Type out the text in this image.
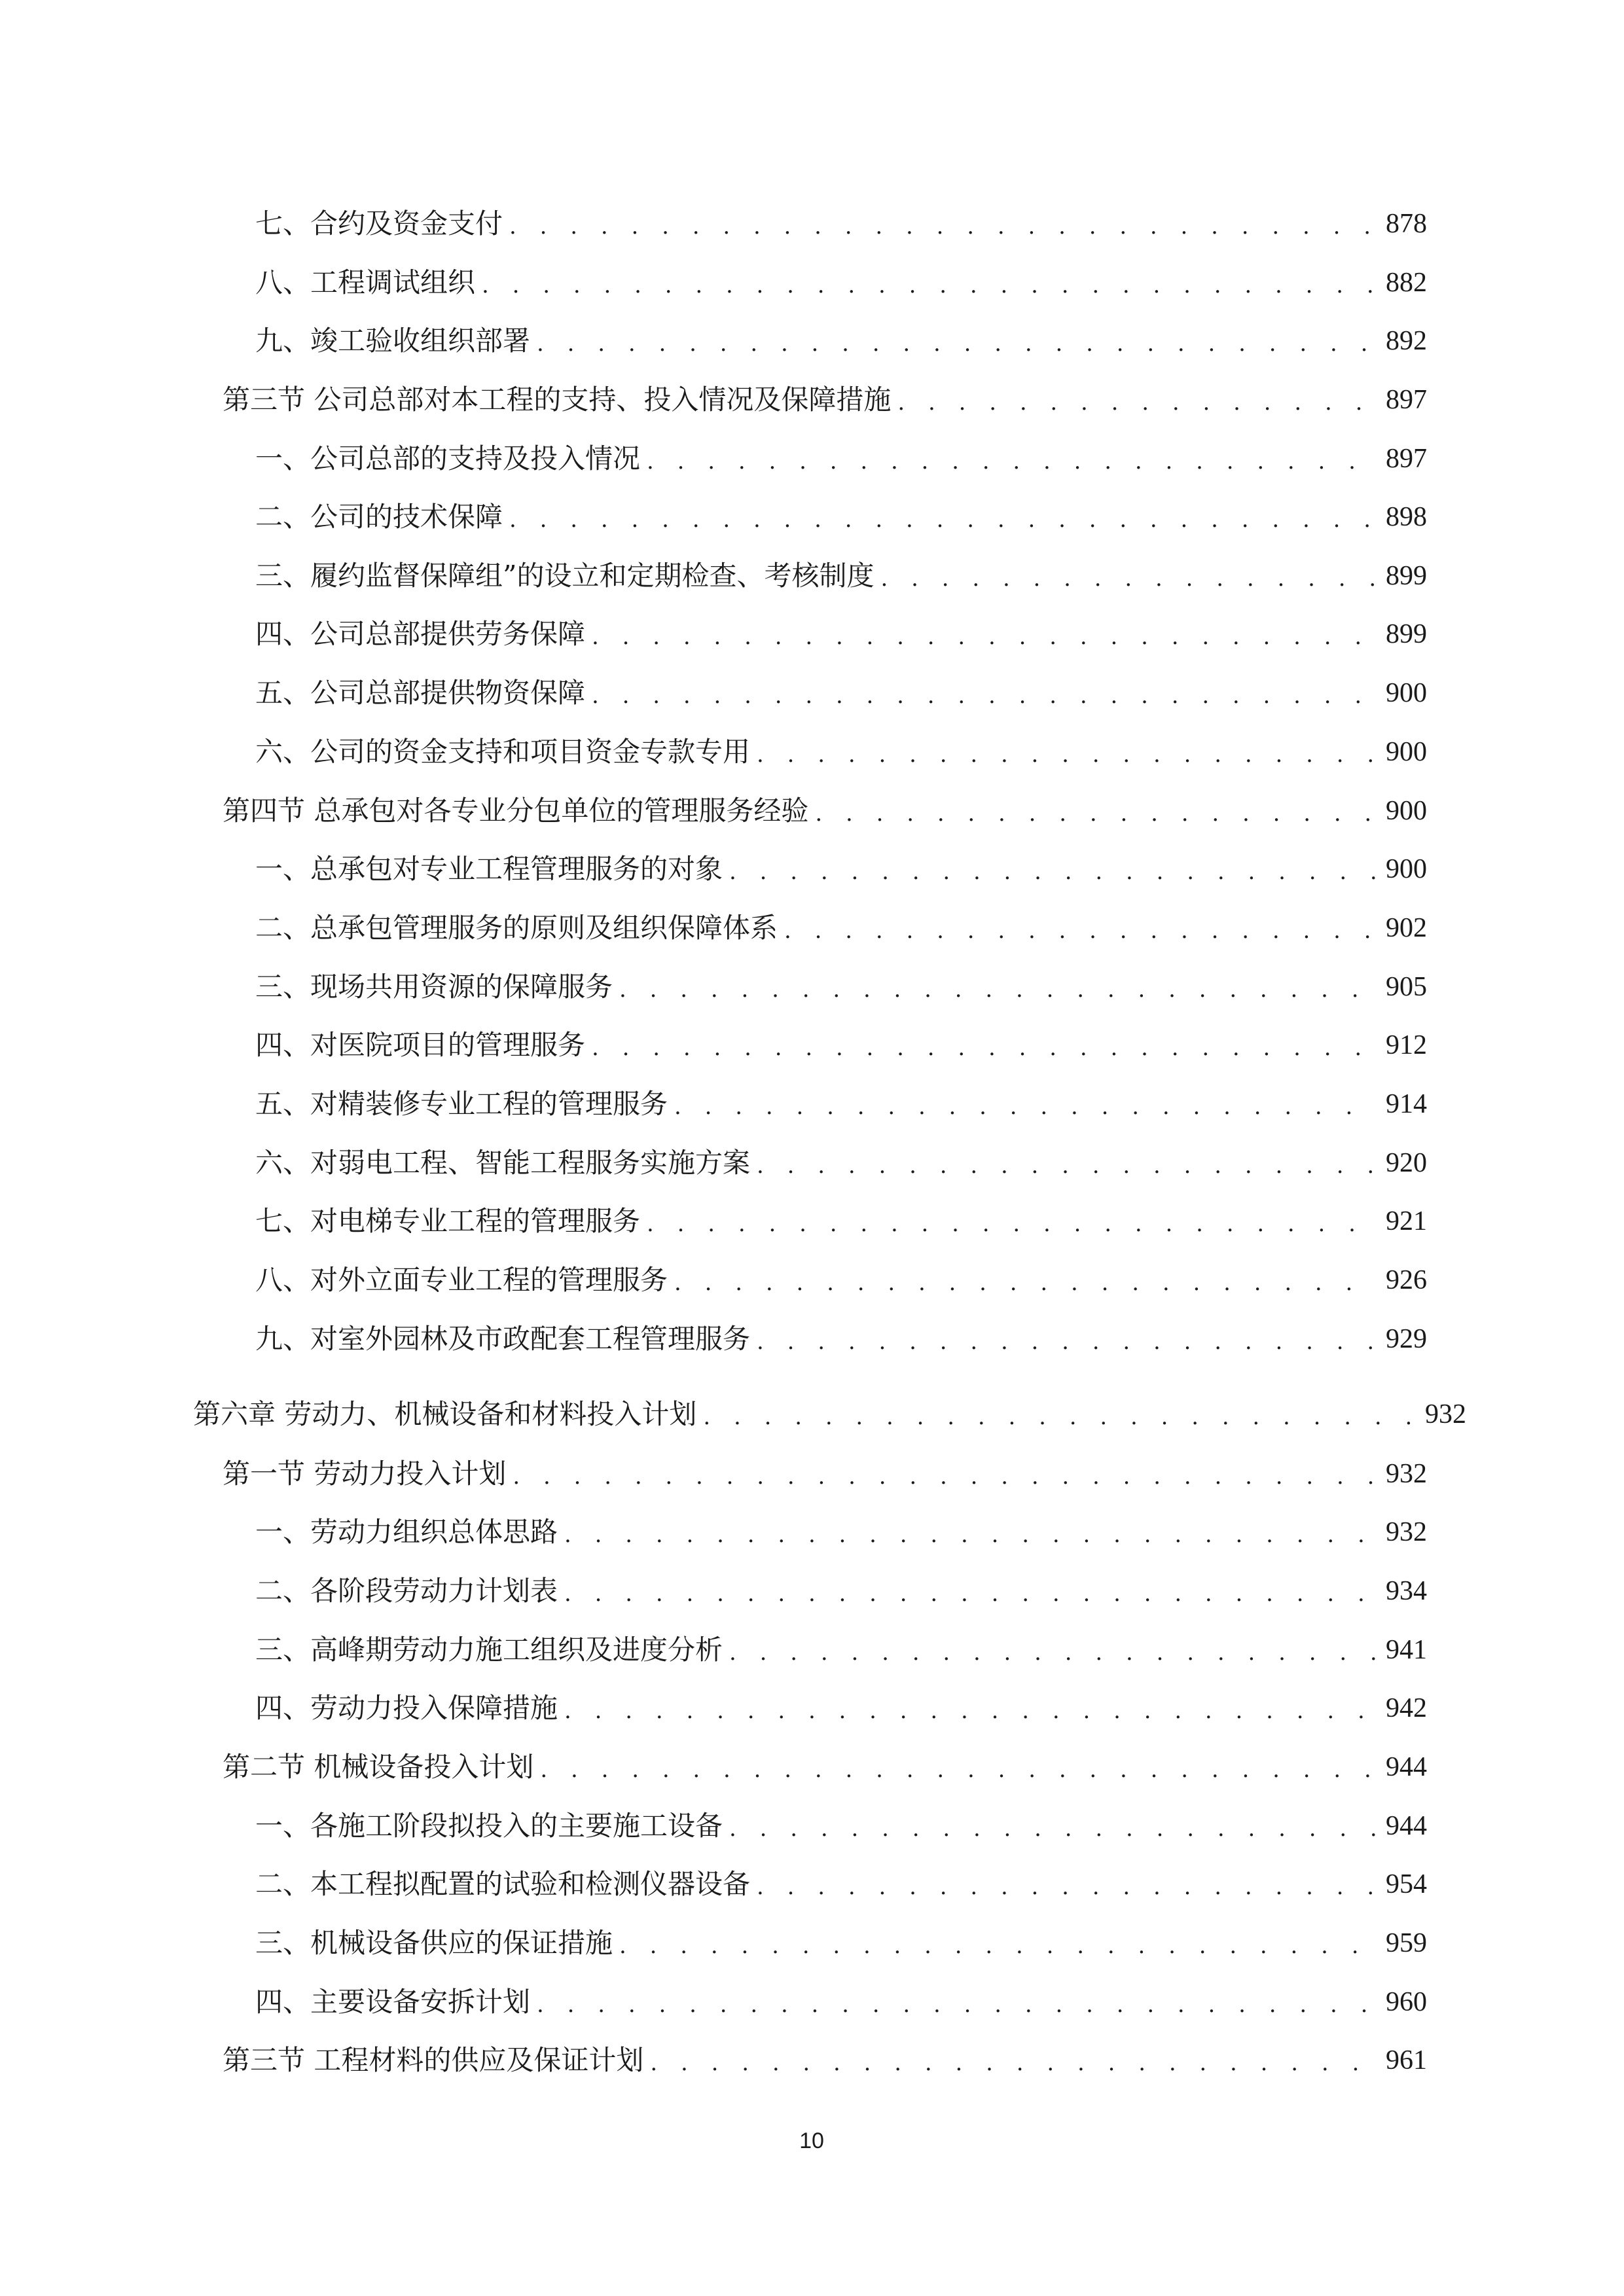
七、合约及资金支付 . . .	878
八、工程调试组织 . . .	882
九、竣工验收组织部署 . . .	892
第三节 公司总部对本工程的支持、投入情况及保障措施 . . .	897
一、公司总部的支持及投入情况 . . .	897
二、公司的技术保障 . . .	898
三、履约监督保障组”的设立和定期检查、考核制度 . . .	899
四、公司总部提供劳务保障 . . .	899
五、公司总部提供物资保障 . . .	900
六、公司的资金支持和项目资金专款专用 . . .	900
第四节 总承包对各专业分包单位的管理服务经验 . . .	900
一、总承包对专业工程管理服务的对象 . . .	900
二、总承包管理服务的原则及组织保障体系 . . .	902
三、现场共用资源的保障服务 . . .	905
四、对医院项目的管理服务 . . .	912
五、对精装修专业工程的管理服务 . . .	914
六、对弱电工程、智能工程服务实施方案 . . .	920
七、对电梯专业工程的管理服务 . . .	921
八、对外立面专业工程的管理服务 . . .	926
九、对室外园林及市政配套工程管理服务 . . .	929
第六章 劳动力、机械设备和材料投入计划 . . .	932
第一节 劳动力投入计划 . . .	932
一、劳动力组织总体思路 . . .	932
二、各阶段劳动力计划表 . . .	934
三、高峰期劳动力施工组织及进度分析 . . .	941
四、劳动力投入保障措施 . . .	942
第二节 机械设备投入计划 . . .	944
一、各施工阶段拟投入的主要施工设备 . . .	944
二、本工程拟配置的试验和检测仪器设备 . . .	954
三、机械设备供应的保证措施 . . .	959
四、主要设备安拆计划 . . .	960
第三节 工程材料的供应及保证计划 . . .	961
10
